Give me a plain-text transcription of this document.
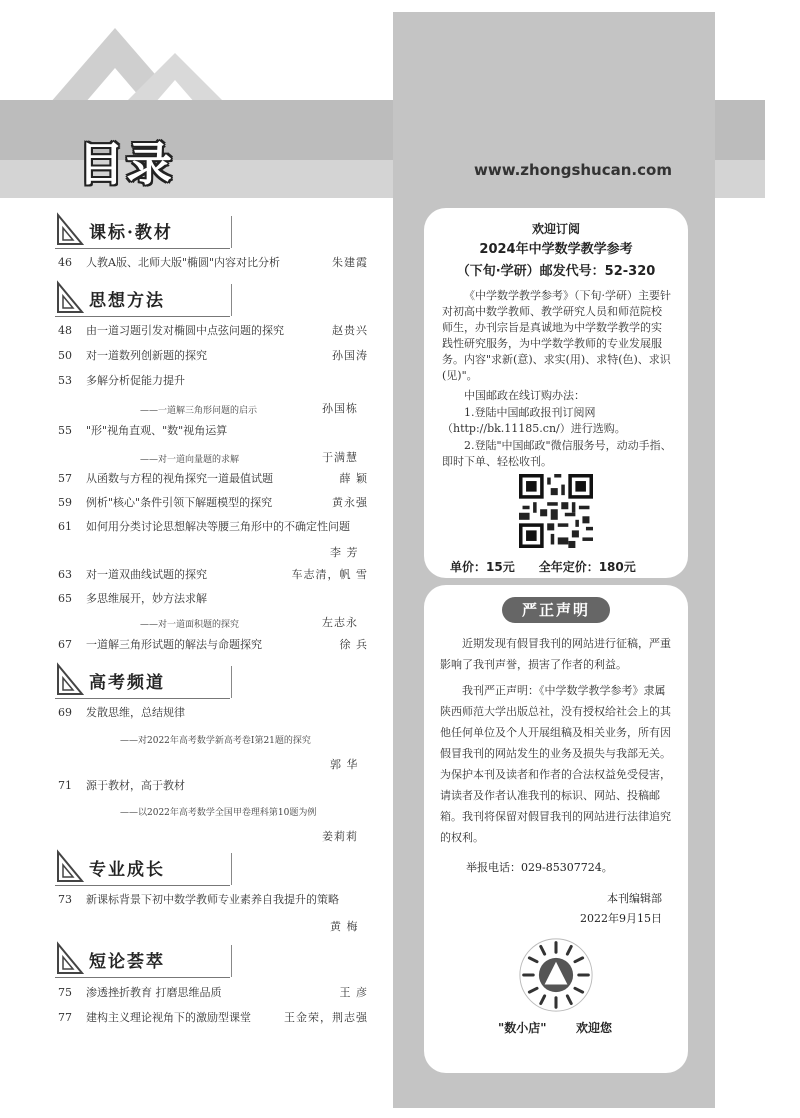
目录	www.zhongshucan.com
课标·教材
46	人教A版、北师大版"椭圆"内容对比分析	朱建霞
思想方法
48	由一道习题引发对椭圆中点弦问题的探究	赵贵兴
50	对一道数列创新题的探究	孙国涛
53	多解分析促能力提升
——一道解三角形问题的启示	孙国栋
55	"形"视角直观、"数"视角运算
——对一道向量题的求解	于满慧
57	从函数与方程的视角探究一道最值试题	薛 颖
59	例析"核心"条件引领下解题模型的探究	黄永强
61	如何用分类讨论思想解决等腰三角形中的不确定性问题
李 芳
63	对一道双曲线试题的探究	车志清，帆 雪
65	多思维展开，妙方法求解
——对一道面积题的探究	左志永
67	一道解三角形试题的解法与命题探究	徐 兵
高考频道
69	发散思维，总结规律
——对2022年高考数学新高考卷Ⅰ第21题的探究
郭 华
71	源于教材，高于教材
——以2022年高考数学全国甲卷理科第10题为例
姜莉莉
专业成长
73	新课标背景下初中数学教师专业素养自我提升的策略
黄 梅
短论荟萃
75	渗透挫折教育 打磨思维品质	王 彦
77	建构主义理论视角下的激励型课堂	王金荣，荆志强
欢迎订阅
2024年中学数学教学参考
（下旬·学研）邮发代号：52-320
《中学数学教学参考》（下旬·学研）主要针对初高中数学教师、教学研究人员和师范院校师生，办刊宗旨是真诚地为中学数学教学的实践性研究服务，为中学数学教师的专业发展服务。内容"求新(意)、求实(用)、求特(色)、求识(见)"。
中国邮政在线订购办法：
1.登陆中国邮政报刊订阅网（http://bk.11185.cn/）进行选购。
2.登陆"中国邮政"微信服务号，动动手指、即时下单、轻松收刊。
单价：15元　　全年定价：180元
严正声明
近期发现有假冒我刊的网站进行征稿，严重影响了我刊声誉，损害了作者的利益。
我刊严正声明：《中学数学教学参考》隶属陕西师范大学出版总社，没有授权给社会上的其他任何单位及个人开展组稿及相关业务，所有因假冒我刊的网站发生的业务及损失与我部无关。为保护本刊及读者和作者的合法权益免受侵害，请读者及作者认准我刊的标识、网站、投稿邮箱。我刊将保留对假冒我刊的网站进行法律追究的权利。
举报电话：029-85307724。
本刊编辑部
2022年9月15日
"数小店" 欢迎您
